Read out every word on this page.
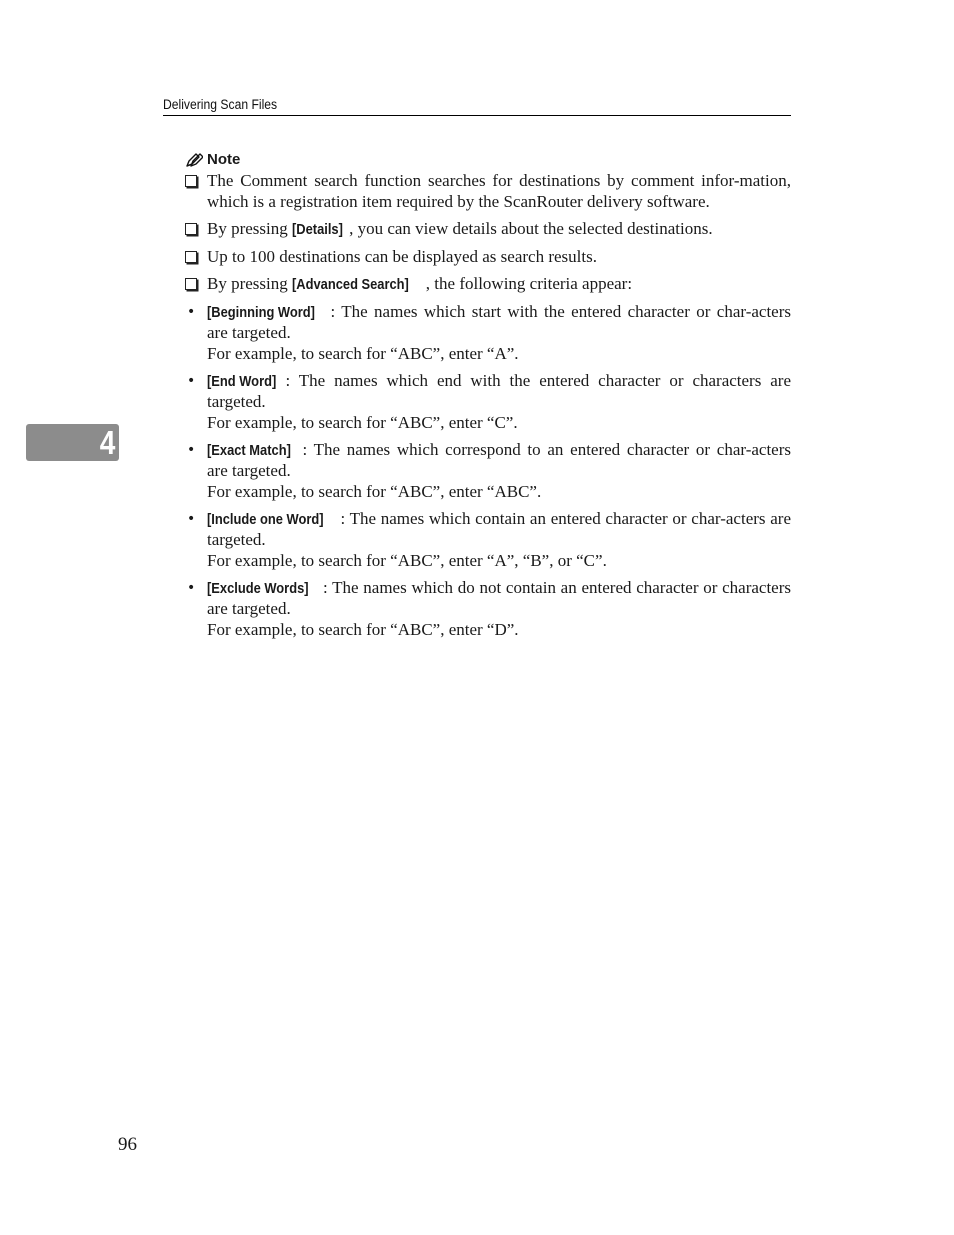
Delivering Scan Files
4
Note
The Comment search function searches for destinations by comment infor-mation, which is a registration item required by the ScanRouter delivery software.
By pressing [Details] , you can view details about the selected destinations.
Up to 100 destinations can be displayed as search results.
By pressing [Advanced Search] , the following criteria appear:
• [Beginning Word] : The names which start with the entered character or char-acters are targeted.
For example, to search for “ABC”, enter “A”.
• [End Word] : The names which end with the entered character or characters are targeted.
For example, to search for “ABC”, enter “C”.
• [Exact Match] : The names which correspond to an entered character or char-acters are targeted.
For example, to search for “ABC”, enter “ABC”.
• [Include one Word] : The names which contain an entered character or char-acters are targeted.
For example, to search for “ABC”, enter “A”, “B”, or “C”.
• [Exclude Words] : The names which do not contain an entered character or characters are targeted.
For example, to search for “ABC”, enter “D”.
96
